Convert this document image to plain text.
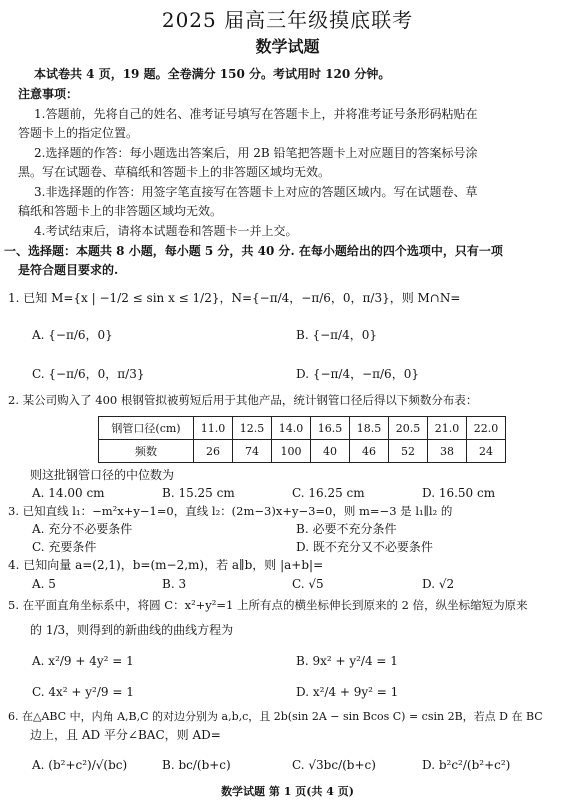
2025 届高三年级摸底联考
数学试题
本试卷共 4 页，19 题。全卷满分 150 分。考试用时 120 分钟。
注意事项：
1.答题前，先将自己的姓名、准考证号填写在答题卡上，并将准考证号条形码粘贴在
答题卡上的指定位置。
2.选择题的作答：每小题选出答案后，用 2B 铅笔把答题卡上对应题目的答案标号涂
黑。写在试题卷、草稿纸和答题卡上的非答题区域均无效。
3.非选择题的作答：用签字笔直接写在答题卡上对应的答题区域内。写在试题卷、草
稿纸和答题卡上的非答题区域均无效。
4.考试结束后，请将本试题卷和答题卡一并上交。
一、选择题：本题共 8 小题，每小题 5 分，共 40 分. 在每小题给出的四个选项中，只有一项
是符合题目要求的.
1. 已知 M={x | −1/2 ≤ sin x ≤ 1/2}，N={−π/4，−π/6，0，π/3}，则 M∩N=
A. {−π/6，0}	B. {−π/4，0}
C. {−π/6，0，π/3}	D. {−π/4，−π/6，0}
2. 某公司购入了 400 根钢管拟被剪短后用于其他产品，统计钢管口径后得以下频数分布表：
钢管口径(cm)	11.0	12.5	14.0	16.5	18.5	20.5	21.0	22.0
频数	26	74	100	40	46	52	38	24
则这批钢管口径的中位数为
A. 14.00 cm	B. 15.25 cm	C. 16.25 cm	D. 16.50 cm
3. 已知直线 l₁：−m²x+y−1=0，直线 l₂：(2m−3)x+y−3=0，则 m=−3 是 l₁∥l₂ 的
A. 充分不必要条件	B. 必要不充分条件
C. 充要条件	D. 既不充分又不必要条件
4. 已知向量 a=(2,1)，b=(m−2,m)，若 a∥b，则 |a+b|=
A. 5	B. 3	C. √5	D. √2
5. 在平面直角坐标系中，将圆 C：x²+y²=1 上所有点的横坐标伸长到原来的 2 倍，纵坐标缩短为原来
的 1/3，则得到的新曲线的曲线方程为
A. x²/9 + 4y² = 1	B. 9x² + y²/4 = 1
C. 4x² + y²/9 = 1	D. x²/4 + 9y² = 1
6. 在△ABC 中，内角 A,B,C 的对边分别为 a,b,c，且 2b(sin 2A − sin Bcos C) = csin 2B，若点 D 在 BC
边上，且 AD 平分∠BAC，则 AD=
A. (b²+c²)/√(bc)	B. bc/(b+c)	C. √3bc/(b+c)	D. b²c²/(b²+c²)
数学试题 第 1 页(共 4 页)
